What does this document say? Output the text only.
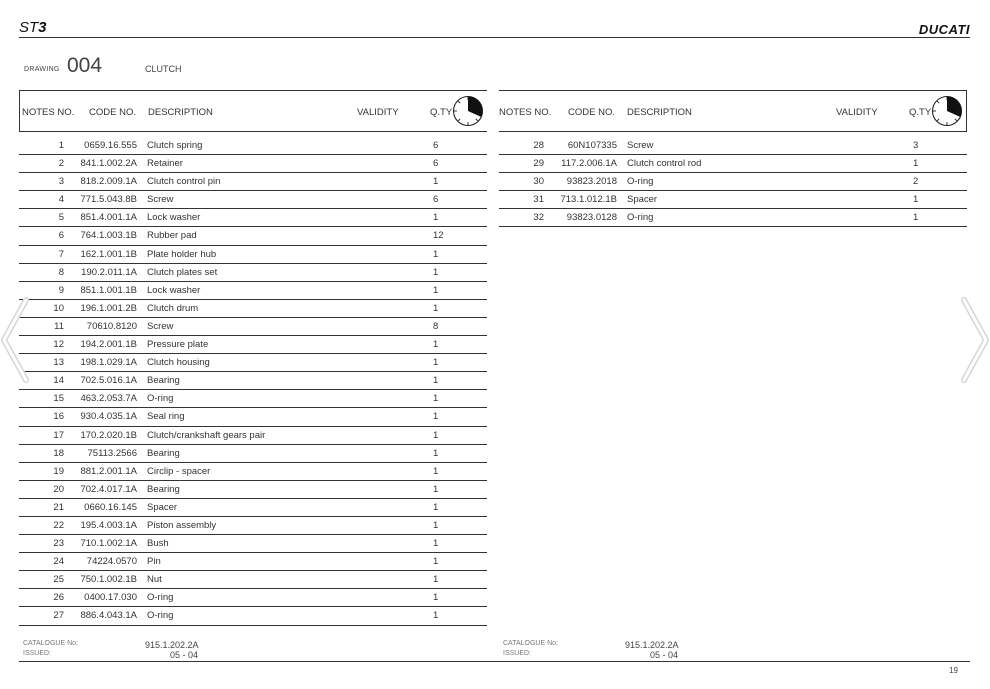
ST3	DUCATI
DRAWING 004	CLUTCH
NOTES NO. CODE NO. DESCRIPTION	VALIDITY	Q.TY
1	0659.16.555 Clutch spring	6
2	841.1.002.2A Retainer	6
3	818.2.009.1A Clutch control pin	1
4	771.5.043.8B Screw	6
5	851.4.001.1A Lock washer	1
6	764.1.003.1B Rubber pad	12
7	162.1.001.1B Plate holder hub	1
8	190.2.011.1A Clutch plates set	1
9	851.1.001.1B Lock washer	1
10	196.1.001.2B Clutch drum	1
11	70610.8120 Screw	8
12	194.2.001.1B Pressure plate	1
13	198.1.029.1A Clutch housing	1
14	702.5.016.1A Bearing	1
15	463.2.053.7A O-ring	1
16	930.4.035.1A Seal ring	1
17	170.2.020.1B Clutch/crankshaft gears pair	1
18	75113.2566 Bearing	1
19	881.2.001.1A Circlip - spacer	1
20	702.4.017.1A Bearing	1
21	0660.16.145 Spacer	1
22	195.4.003.1A Piston assembly	1
23	710.1.002.1A Bush	1
24	74224.0570 Pin	1
25	750.1.002.1B Nut	1
26	0400.17.030 O-ring	1
27	886.4.043.1A O-ring	1
NOTES NO. CODE NO. DESCRIPTION	VALIDITY	Q.TY
28	60N107335 Screw	3
29	117.2.006.1A Clutch control rod	1
30	93823.2018 O-ring	2
31	713.1.012.1B Spacer	1
32	93823.0128 O-ring	1
CATALOGUE No:	915.1.202.2A
ISSUED:	05 - 04
CATALOGUE No:	915.1.202.2A
ISSUED:	05 - 04
19
